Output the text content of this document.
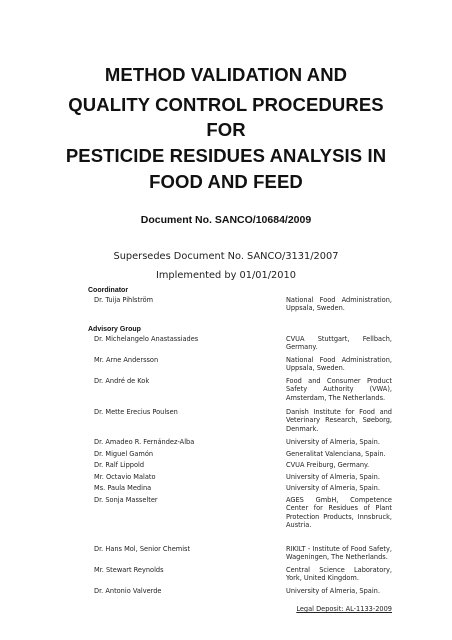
METHOD VALIDATION AND
QUALITY CONTROL PROCEDURES
FOR
PESTICIDE RESIDUES ANALYSIS IN
FOOD AND FEED
Document No. SANCO/10684/2009
Supersedes Document No. SANCO/3131/2007
Implemented by 01/01/2010
Coordinator
Dr. Tuija Pihlström	National Food Administration, Uppsala, Sweden.
Advisory Group
Dr. Michelangelo Anastassiades	CVUA Stuttgart, Fellbach, Germany.
Mr. Arne Andersson	National Food Administration, Uppsala, Sweden.
Dr. André de Kok	Food and Consumer Product Safety Authority (VWA), Amsterdam, The Netherlands.
Dr. Mette Erecius Poulsen	Danish Institute for Food and Veterinary Research, Søeborg, Denmark.
Dr. Amadeo R. Fernández-Alba	University of Almeria, Spain.
Dr. Miguel Gamón	Generalitat Valenciana, Spain.
Dr. Ralf Lippold	CVUA Freiburg, Germany.
Mr. Octavio Malato	University of Almeria, Spain.
Ms. Paula Medina	University of Almeria, Spain.
Dr. Sonja Masselter	AGES GmbH, Competence Center for Residues of Plant Protection Products, Innsbruck, Austria.
Dr. Hans Mol, Senior Chemist	RIKILT - Institute of Food Safety, Wageningen, The Netherlands.
Mr. Stewart Reynolds	Central Science Laboratory, York, United Kingdom.
Dr. Antonio Valverde	University of Almeria, Spain.
Legal Deposit: AL-1133-2009
